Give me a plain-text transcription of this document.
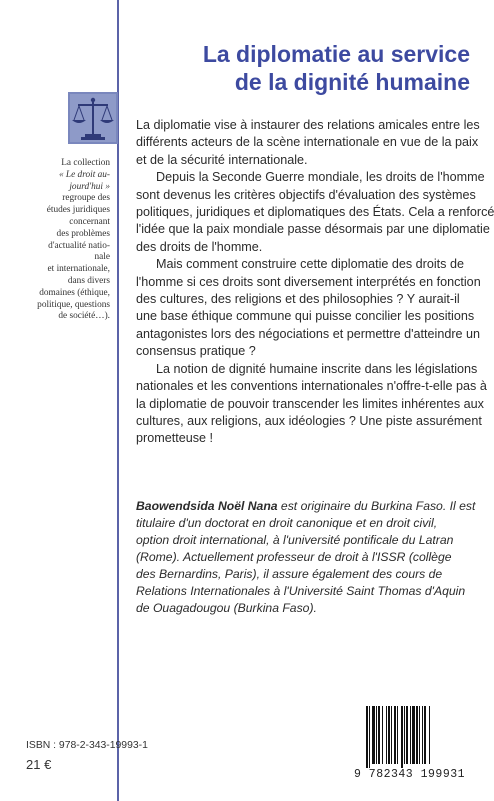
La collection
« Le droit au-
jourd'hui »
regroupe des
études juridiques
concernant
des problèmes
d'actualité natio-
nale
et internationale,
dans divers
domaines (éthique,
politique, questions
de société…).
La diplomatie au service
de la dignité humaine

La diplomatie vise à instaurer des relations amicales entre les

différents acteurs de la scène internationale en vue de la paix

et de la sécurité internationale.

Depuis la Seconde Guerre mondiale, les droits de l'homme

sont devenus les critères objectifs d'évaluation des systèmes

politiques, juridiques et diplomatiques des États. Cela a renforcé

l'idée que la paix mondiale passe désormais par une diplomatie

des droits de l'homme.

Mais comment construire cette diplomatie des droits de

l'homme si ces droits sont diversement interprétés en fonction

des cultures, des religions et des philosophies ? Y aurait-il

une base éthique commune qui puisse concilier les positions

antagonistes lors des négociations et permettre d'atteindre un

consensus pratique ?

La notion de dignité humaine inscrite dans les législations

nationales et les conventions internationales n'offre-t-elle pas à

la diplomatie de pouvoir transcender les limites inhérentes aux

cultures, aux religions, aux idéologies ? Une piste assurément

prometteuse !

Baowendsida Noël Nana est originaire du Burkina Faso. Il est

titulaire d'un doctorat en droit canonique et en droit civil,

option droit international, à l'université pontificale du Latran

(Rome). Actuellement professeur de droit à l'ISSR (collège

des Bernardins, Paris), il assure également des cours de

Relations Internationales à l'Université Saint Thomas d'Aquin

de Ouagadougou (Burkina Faso).

ISBN : 978-2-343-19993-1
21 €
9 782343 199931
